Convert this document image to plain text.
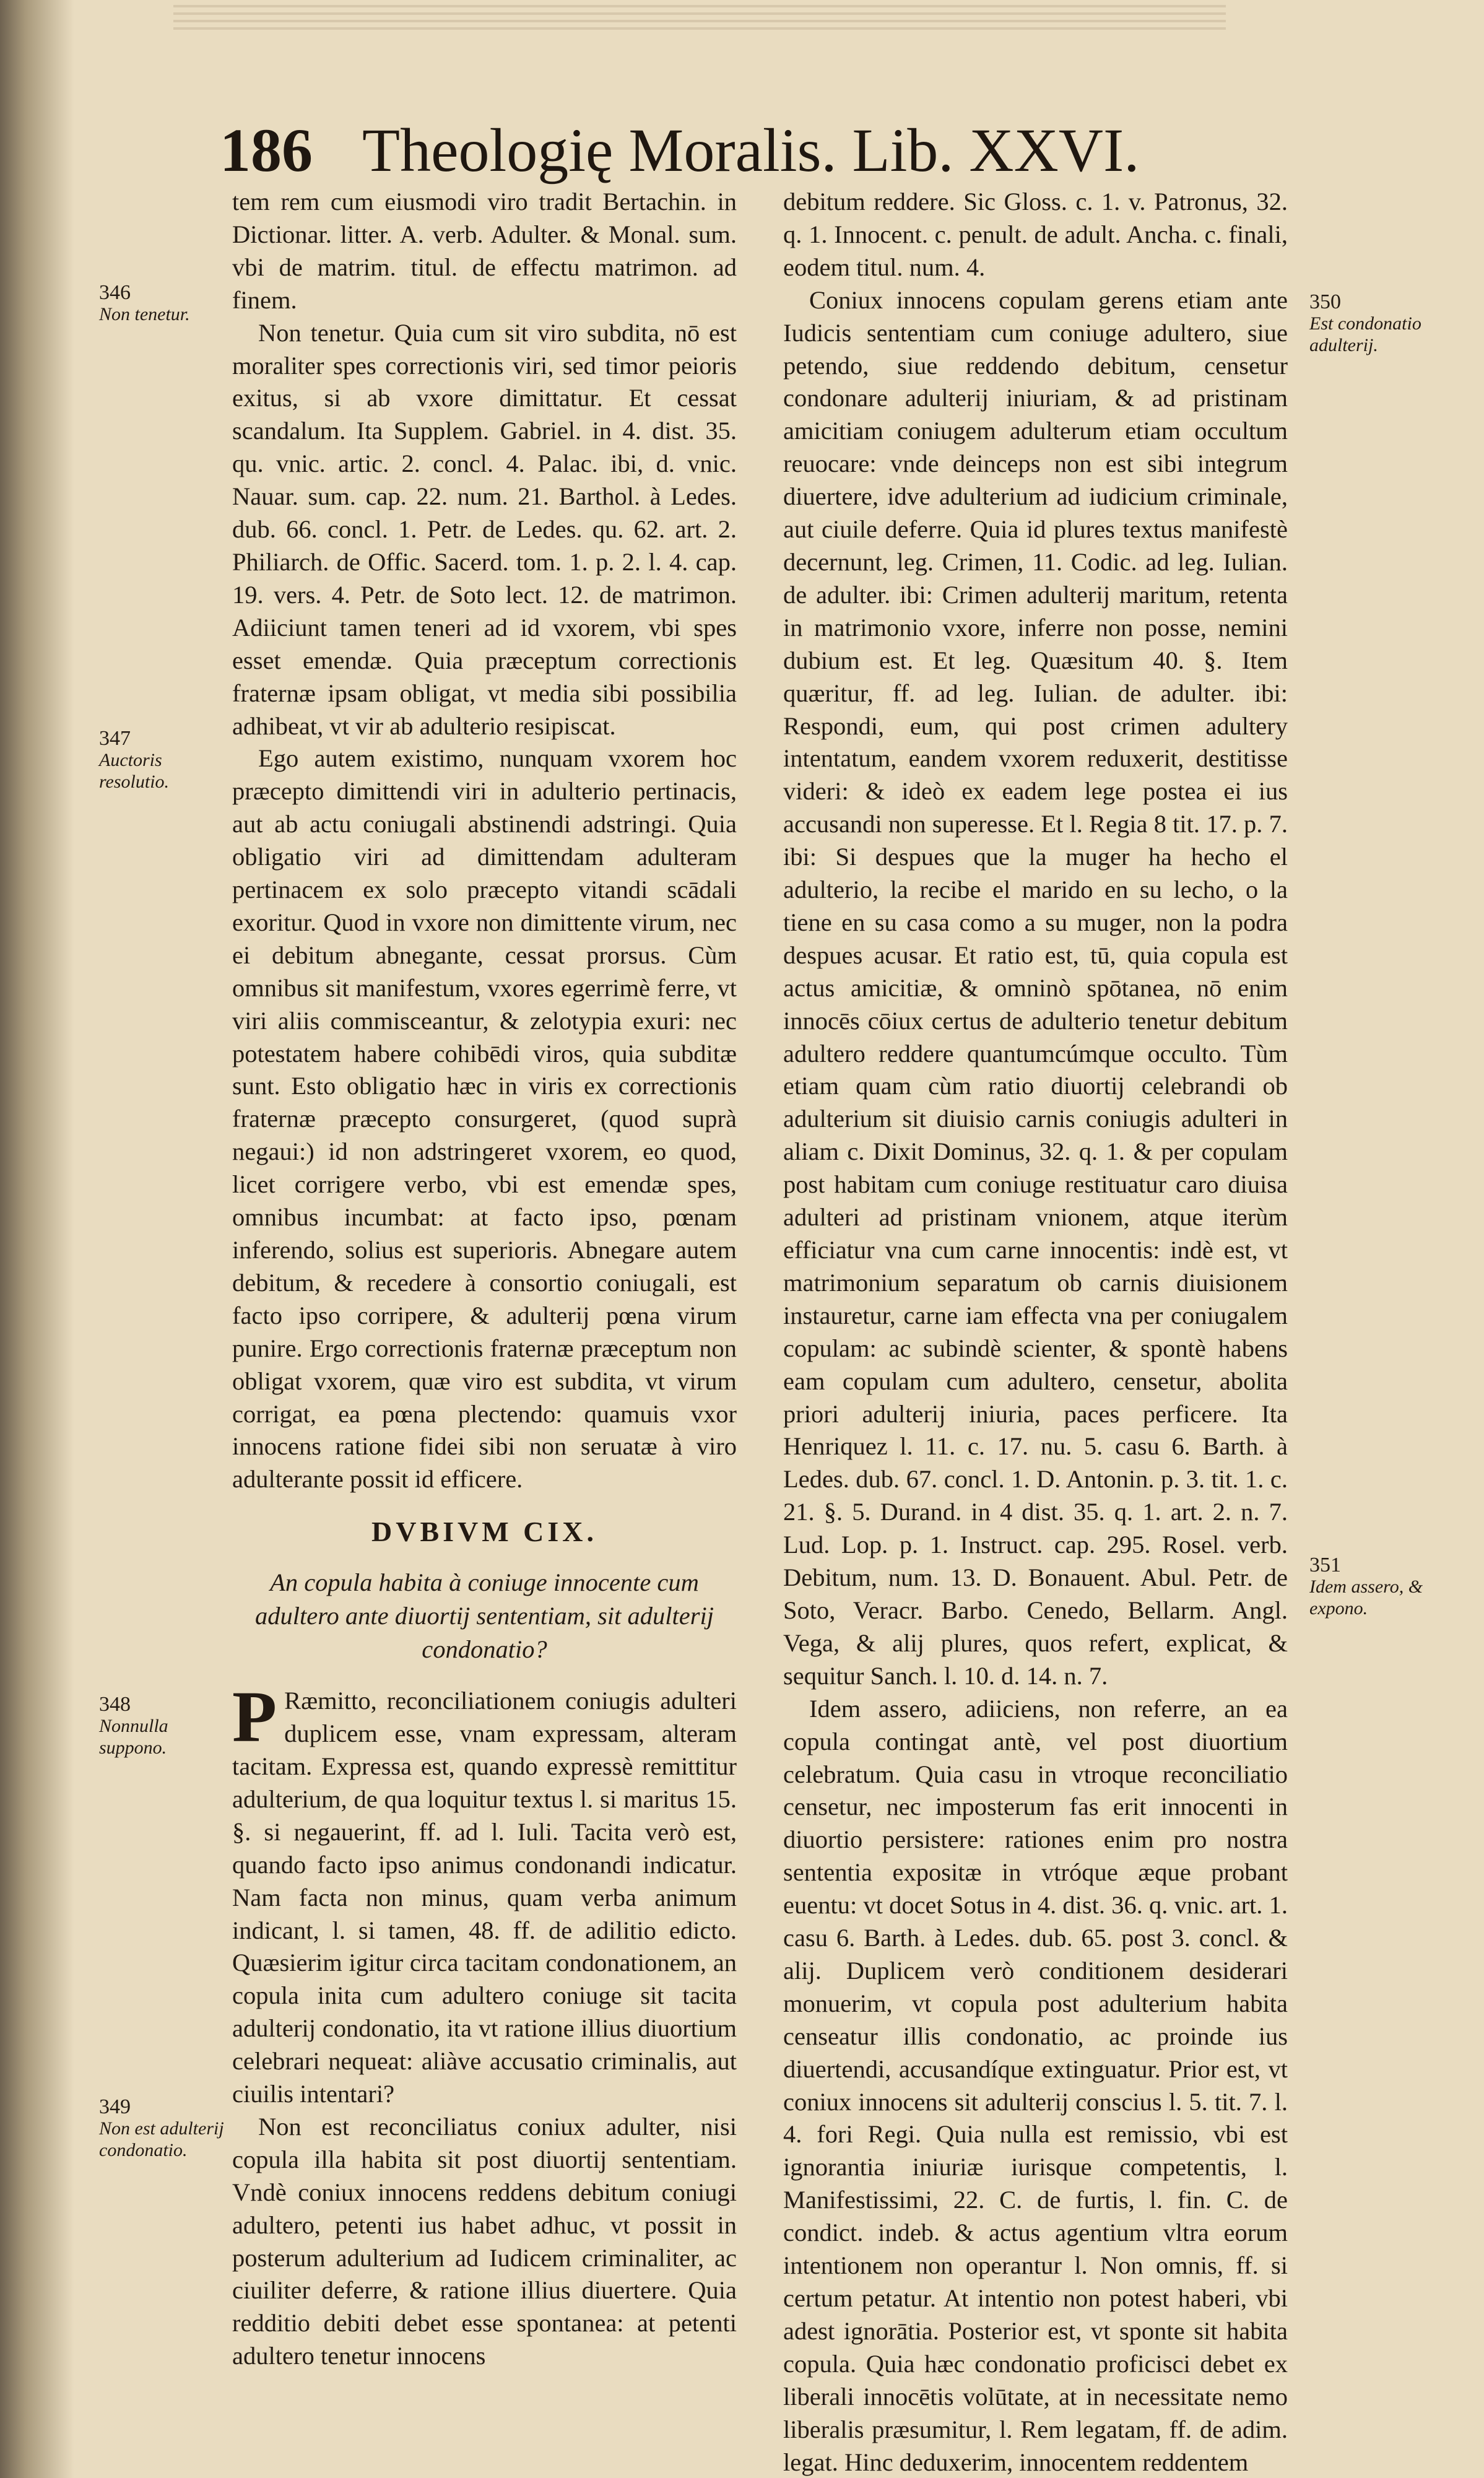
186 Theologię Moralis. Lib. XXVI.

tem rem cum eiusmodi viro tradit Bertachin. in Dictionar. litter. A. verb. Adulter. & Monal. sum. vbi de matrim. titul. de effectu matrimon. ad finem.

Non tenetur. Quia cum sit viro subdita, nō est moraliter spes correctionis viri, sed timor peioris exitus, si ab vxore dimittatur. Et cessat scandalum. Ita Supplem. Gabriel. in 4. dist. 35. qu. vnic. artic. 2. concl. 4. Palac. ibi, d. vnic. Nauar. sum. cap. 22. num. 21. Barthol. à Ledes. dub. 66. concl. 1. Petr. de Ledes. qu. 62. art. 2. Philiarch. de Offic. Sacerd. tom. 1. p. 2. l. 4. cap. 19. vers. 4. Petr. de Soto lect. 12. de matrimon. Adiiciunt tamen teneri ad id vxorem, vbi spes esset emendæ. Quia præceptum correctionis fraternæ ipsam obligat, vt media sibi possibilia adhibeat, vt vir ab adulterio resipiscat.

Ego autem existimo, nunquam vxorem hoc præcepto dimittendi viri in adulterio pertinacis, aut ab actu coniugali abstinendi adstringi. Quia obligatio viri ad dimittendam adulteram pertinacem ex solo præcepto vitandi scādali exoritur. Quod in vxore non dimittente virum, nec ei debitum abnegante, cessat prorsus. Cùm omnibus sit manifestum, vxores egerrimè ferre, vt viri aliis commisceantur, & zelotypia exuri: nec potestatem habere cohibēdi viros, quia subditæ sunt. Esto obligatio hæc in viris ex correctionis fraternæ præcepto consurgeret, (quod suprà negaui:) id non adstringeret vxorem, eo quod, licet corrigere verbo, vbi est emendæ spes, omnibus incumbat: at facto ipso, pœnam inferendo, solius est superioris. Abnegare autem debitum, & recedere à consortio coniugali, est facto ipso corripere, & adulterij pœna virum punire. Ergo correctionis fraternæ præceptum non obligat vxorem, quæ viro est subdita, vt virum corrigat, ea pœna plectendo: quamuis vxor innocens ratione fidei sibi non seruatæ à viro adulterante possit id efficere.

DVBIVM CIX.
An copula habita à coniuge innocente cum adultero ante diuortij sententiam, sit adulterij condonatio?

P Ræmitto, reconciliationem coniugis adulteri duplicem esse, vnam expressam, alteram tacitam. Expressa est, quando expressè remittitur adulterium, de qua loquitur textus l. si maritus 15. §. si negauerint, ff. ad l. Iuli. Tacita verò est, quando facto ipso animus condonandi indicatur. Nam facta non minus, quam verba animum indicant, l. si tamen, 48. ff. de adilitio edicto. Quæsierim igitur circa tacitam condonationem, an copula inita cum adultero coniuge sit tacita adulterij condonatio, ita vt ratione illius diuortium celebrari nequeat: aliàve accusatio criminalis, aut ciuilis intentari?

Non est reconciliatus coniux adulter, nisi copula illa habita sit post diuortij sententiam. Vndè coniux innocens reddens debitum coniugi adultero, petenti ius habet adhuc, vt possit in posterum adulterium ad Iudicem criminaliter, ac ciuiliter deferre, & ratione illius diuertere. Quia redditio debiti debet esse spontanea: at petenti adultero tenetur innocens

debitum reddere. Sic Gloss. c. 1. v. Patronus, 32. q. 1. Innocent. c. penult. de adult. Ancha. c. finali, eodem titul. num. 4.

Coniux innocens copulam gerens etiam ante Iudicis sententiam cum coniuge adultero, siue petendo, siue reddendo debitum, censetur condonare adulterij iniuriam, & ad pristinam amicitiam coniugem adulterum etiam occultum reuocare: vnde deinceps non est sibi integrum diuertere, idve adulterium ad iudicium criminale, aut ciuile deferre. Quia id plures textus manifestè decernunt, leg. Crimen, 11. Codic. ad leg. Iulian. de adulter. ibi: Crimen adulterij maritum, retenta in matrimonio vxore, inferre non posse, nemini dubium est. Et leg. Quæsitum 40. §. Item quæritur, ff. ad leg. Iulian. de adulter. ibi: Respondi, eum, qui post crimen adultery intentatum, eandem vxorem reduxerit, destitisse videri: & ideò ex eadem lege postea ei ius accusandi non superesse. Et l. Regia 8 tit. 17. p. 7. ibi: Si despues que la muger ha hecho el adulterio, la recibe el marido en su lecho, o la tiene en su casa como a su muger, non la podra despues acusar. Et ratio est, tū, quia copula est actus amicitiæ, & omninò spōtanea, nō enim innocēs cōiux certus de adulterio tenetur debitum adultero reddere quantumcúmque occulto. Tùm etiam quam cùm ratio diuortij celebrandi ob adulterium sit diuisio carnis coniugis adulteri in aliam c. Dixit Dominus, 32. q. 1. & per copulam post habitam cum coniuge restituatur caro diuisa adulteri ad pristinam vnionem, atque iterùm efficiatur vna cum carne innocentis: indè est, vt matrimonium separatum ob carnis diuisionem instauretur, carne iam effecta vna per coniugalem copulam: ac subindè scienter, & spontè habens eam copulam cum adultero, censetur, abolita priori adulterij iniuria, paces perficere. Ita Henriquez l. 11. c. 17. nu. 5. casu 6. Barth. à Ledes. dub. 67. concl. 1. D. Antonin. p. 3. tit. 1. c. 21. §. 5. Durand. in 4 dist. 35. q. 1. art. 2. n. 7. Lud. Lop. p. 1. Instruct. cap. 295. Rosel. verb. Debitum, num. 13. D. Bonauent. Abul. Petr. de Soto, Veracr. Barbo. Cenedo, Bellarm. Angl. Vega, & alij plures, quos refert, explicat, & sequitur Sanch. l. 10. d. 14. n. 7.

Idem assero, adiiciens, non referre, an ea copula contingat antè, vel post diuortium celebratum. Quia casu in vtroque reconciliatio censetur, nec imposterum fas erit innocenti in diuortio persistere: rationes enim pro nostra sententia expositæ in vtróque æque probant euentu: vt docet Sotus in 4. dist. 36. q. vnic. art. 1. casu 6. Barth. à Ledes. dub. 65. post 3. concl. & alij. Duplicem verò conditionem desiderari monuerim, vt copula post adulterium habita censeatur illis condonatio, ac proinde ius diuertendi, accusandíque extinguatur. Prior est, vt coniux innocens sit adulterij conscius l. 5. tit. 7. l. 4. fori Regi. Quia nulla est remissio, vbi est ignorantia iniuriæ iurisque competentis, l. Manifestissimi, 22. C. de furtis, l. fin. C. de condict. indeb. & actus agentium vltra eorum intentionem non operantur l. Non omnis, ff. si certum petatur. At intentio non potest haberi, vbi adest ignorātia. Posterior est, vt sponte sit habita copula. Quia hæc condonatio proficisci debet ex liberali innocētis volūtate, at in necessitate nemo liberalis præsumitur, l. Rem legatam, ff. de adim. legat. Hinc deduxerim, innocentem reddentem

346
Non tenetur.
347
Auctoris resolutio.
348
Nonnulla suppono.
349
Non est adulterij condonatio.
350
Est condonatio adulterij.
351
Idem assero, & expono.
